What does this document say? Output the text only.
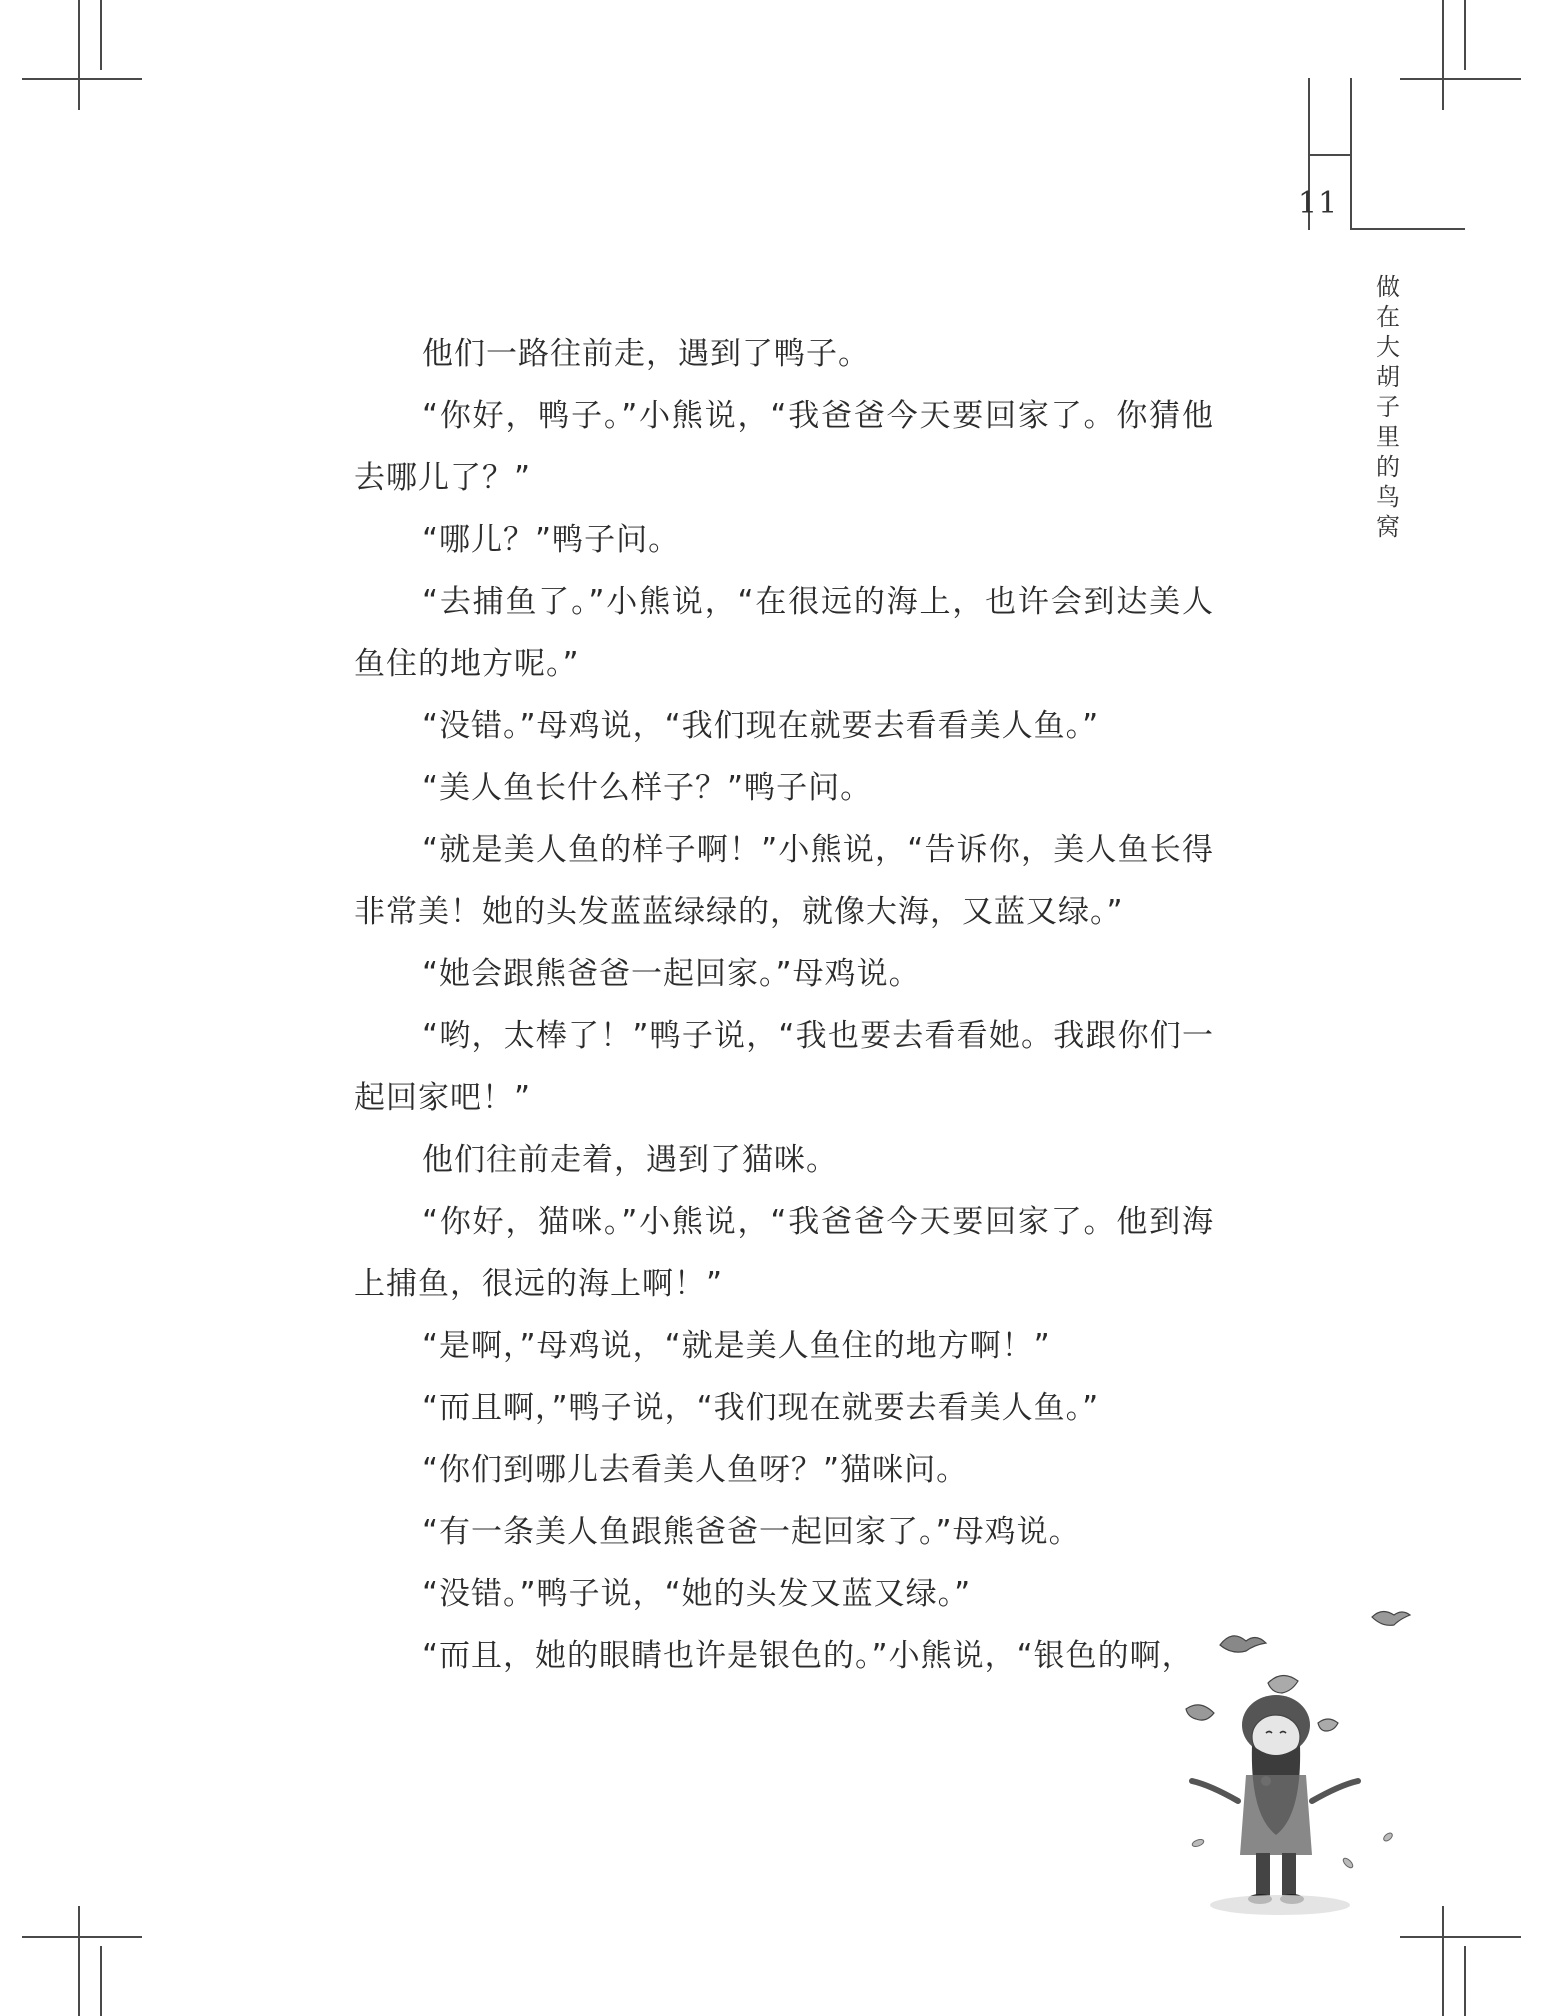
11
做在大胡子里的鸟窝

他们一路往前走，遇到了鸭子。

“你好，鸭子。”小熊说，“我爸爸今天要回家了。你猜他去哪儿了？”

“哪儿？”鸭子问。

“去捕鱼了。”小熊说，“在很远的海上，也许会到达美人鱼住的地方呢。”

“没错。”母鸡说，“我们现在就要去看看美人鱼。”

“美人鱼长什么样子？”鸭子问。

“就是美人鱼的样子啊！”小熊说，“告诉你，美人鱼长得非常美！她的头发蓝蓝绿绿的，就像大海，又蓝又绿。”

“她会跟熊爸爸一起回家。”母鸡说。

“哟，太棒了！”鸭子说，“我也要去看看她。我跟你们一起回家吧！”

他们往前走着，遇到了猫咪。

“你好，猫咪。”小熊说，“我爸爸今天要回家了。他到海上捕鱼，很远的海上啊！”

“是啊，”母鸡说，“就是美人鱼住的地方啊！”

“而且啊，”鸭子说，“我们现在就要去看美人鱼。”

“你们到哪儿去看美人鱼呀？”猫咪问。

“有一条美人鱼跟熊爸爸一起回家了。”母鸡说。

“没错。”鸭子说，“她的头发又蓝又绿。”

“而且，她的眼睛也许是银色的。”小熊说，“银色的啊，
